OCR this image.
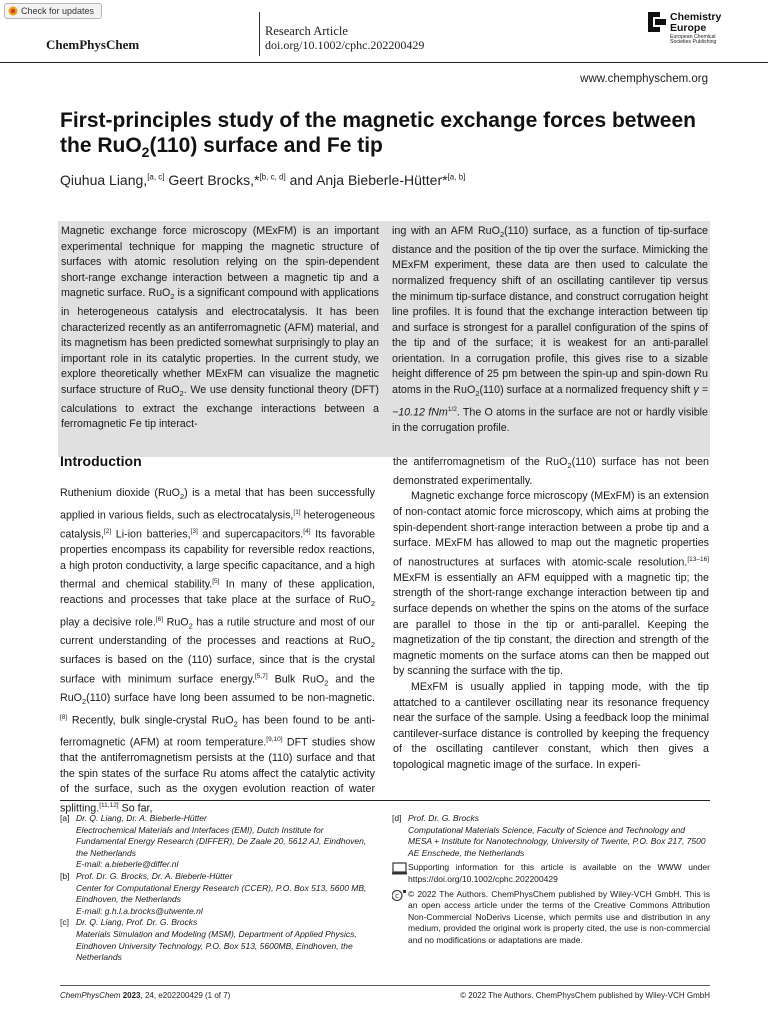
Check for updates
ChemPhysChem
Research Article
doi.org/10.1002/cphc.202200429
Chemistry
Europe
European Chemical
Societies Publishing
www.chemphyschem.org
First-principles study of the magnetic exchange forces between the RuO$_2$(110) surface and Fe tip
Qiuhua Liang,[a, c] Geert Brocks,*[b, c, d] and Anja Bieberle-Hütter*[a, b]
Magnetic exchange force microscopy (MExFM) is an important experimental technique for mapping the magnetic structure of surfaces with atomic resolution relying on the spin-dependent short-range exchange interaction between a magnetic tip and a magnetic surface. RuO$_2$ is a significant compound with applications in heterogeneous catalysis and electrocatalysis. It has been characterized recently as an antiferromagnetic (AFM) material, and its magnetism has been predicted somewhat surprisingly to play an important role in its catalytic properties. In the current study, we explore theoretically whether MExFM can visualize the magnetic surface structure of RuO$_2$. We use density functional theory (DFT) calculations to extract the exchange interactions between a ferromagnetic Fe tip interact-
ing with an AFM RuO$_2$(110) surface, as a function of tip-surface distance and the position of the tip over the surface. Mimicking the MExFM experiment, these data are then used to calculate the normalized frequency shift of an oscillating cantilever tip versus the minimum tip-surface distance, and construct corrugation height line profiles. It is found that the exchange interaction between tip and surface is strongest for a parallel configuration of the spins of the tip and of the surface; it is weakest for an anti-parallel orientation. In a corrugation profile, this gives rise to a sizable height difference of 25 pm between the spin-up and spin-down Ru atoms in the RuO$_2$(110) surface at a normalized frequency shift γ = −10.12 fNm$^{1/2}$. The O atoms in the surface are not or hardly visible in the corrugation profile.
Introduction

Ruthenium dioxide (RuO$_2$) is a metal that has been successfully applied in various fields, such as electrocatalysis,[1] heterogeneous catalysis,[2] Li-ion batteries,[3] and supercapacitors.[4] Its favorable properties encompass its capability for reversible redox reactions, a high proton conductivity, a large specific capacitance, and a high thermal and chemical stability.[5] In many of these application, reactions and processes that take place at the surface of RuO$_2$ play a decisive role.[6] RuO$_2$ has a rutile structure and most of our current understanding of the processes and reactions at RuO$_2$ surfaces is based on the (110) surface, since that is the crystal surface with minimum surface energy.[5,7] Bulk RuO$_2$ and the RuO$_2$(110) surface have long been assumed to be non-magnetic.[8] Recently, bulk single-crystal RuO$_2$ has been found to be anti-ferromagnetic (AFM) at room temperature.[9,10] DFT studies show that the antiferromagnetism persists at the (110) surface and that the spin states of the surface Ru atoms affect the catalytic activity of the surface, such as the oxygen evolution reaction of water splitting.[11,12] So far,

the antiferromagnetism of the RuO$_2$(110) surface has not been demonstrated experimentally.

Magnetic exchange force microscopy (MExFM) is an extension of non-contact atomic force microscopy, which aims at probing the spin-dependent short-range interaction between a probe tip and a surface. MExFM has allowed to map out the magnetic properties of nanostructures at surfaces with atomic-scale resolution.[13–16] MExFM is essentially an AFM equipped with a magnetic tip; the strength of the short-range exchange interaction between tip and surface depends on whether the spins on the atoms of the surface are parallel to those in the tip or anti-parallel. Keeping the magnetization of the tip constant, the direction and strength of the magnetic moments on the surface atoms can then be mapped out by scanning the surface with the tip.

MExFM is usually applied in tapping mode, with the tip attatched to a cantilever oscillating near its resonance frequency near the surface of the sample. Using a feedback loop the minimal cantilever-surface distance is controlled by keeping the frequency of the oscillating cantilever constant, which then gives a topological magnetic image of the surface. In experi-

[a] Dr. Q. Liang, Dr. A. Bieberle-Hütter
Electrochemical Materials and Interfaces (EMI), Dutch Institute for Fundamental Energy Research (DIFFER), De Zaale 20, 5612 AJ, Eindhoven, the Netherlands
E-mail: a.bieberle@differ.nl
[b] Prof. Dr. G. Brocks, Dr. A. Bieberle-Hütter
Center for Computational Energy Research (CCER), P.O. Box 513, 5600 MB, Eindhoven, the Netherlands
E-mail: g.h.l.a.brocks@utwente.nl
[c] Dr. Q. Liang, Prof. Dr. G. Brocks
Materials Simulation and Modeling (MSM), Department of Applied Physics, Eindhoven University Technology, P.O. Box 513, 5600MB, Eindhoven, the Netherlands
[d] Prof. Dr. G. Brocks
Computational Materials Science, Faculty of Science and Technology and MESA + Institute for Nanotechnology, University of Twente, P.O. Box 217, 7500 AE Enschede, the Netherlands
Supporting information for this article is available on the WWW under https://doi.org/10.1002/cphc.202200429
c © 2022 The Authors. ChemPhysChem published by Wiley-VCH GmbH. This is an open access article under the terms of the Creative Commons Attribution Non-Commercial NoDerivs License, which permits use and distribution in any medium, provided the original work is properly cited, the use is non-commercial and no modifications or adaptations are made.
ChemPhysChem 2023, 24, e202200429 (1 of 7)	© 2022 The Authors. ChemPhysChem published by Wiley-VCH GmbH
